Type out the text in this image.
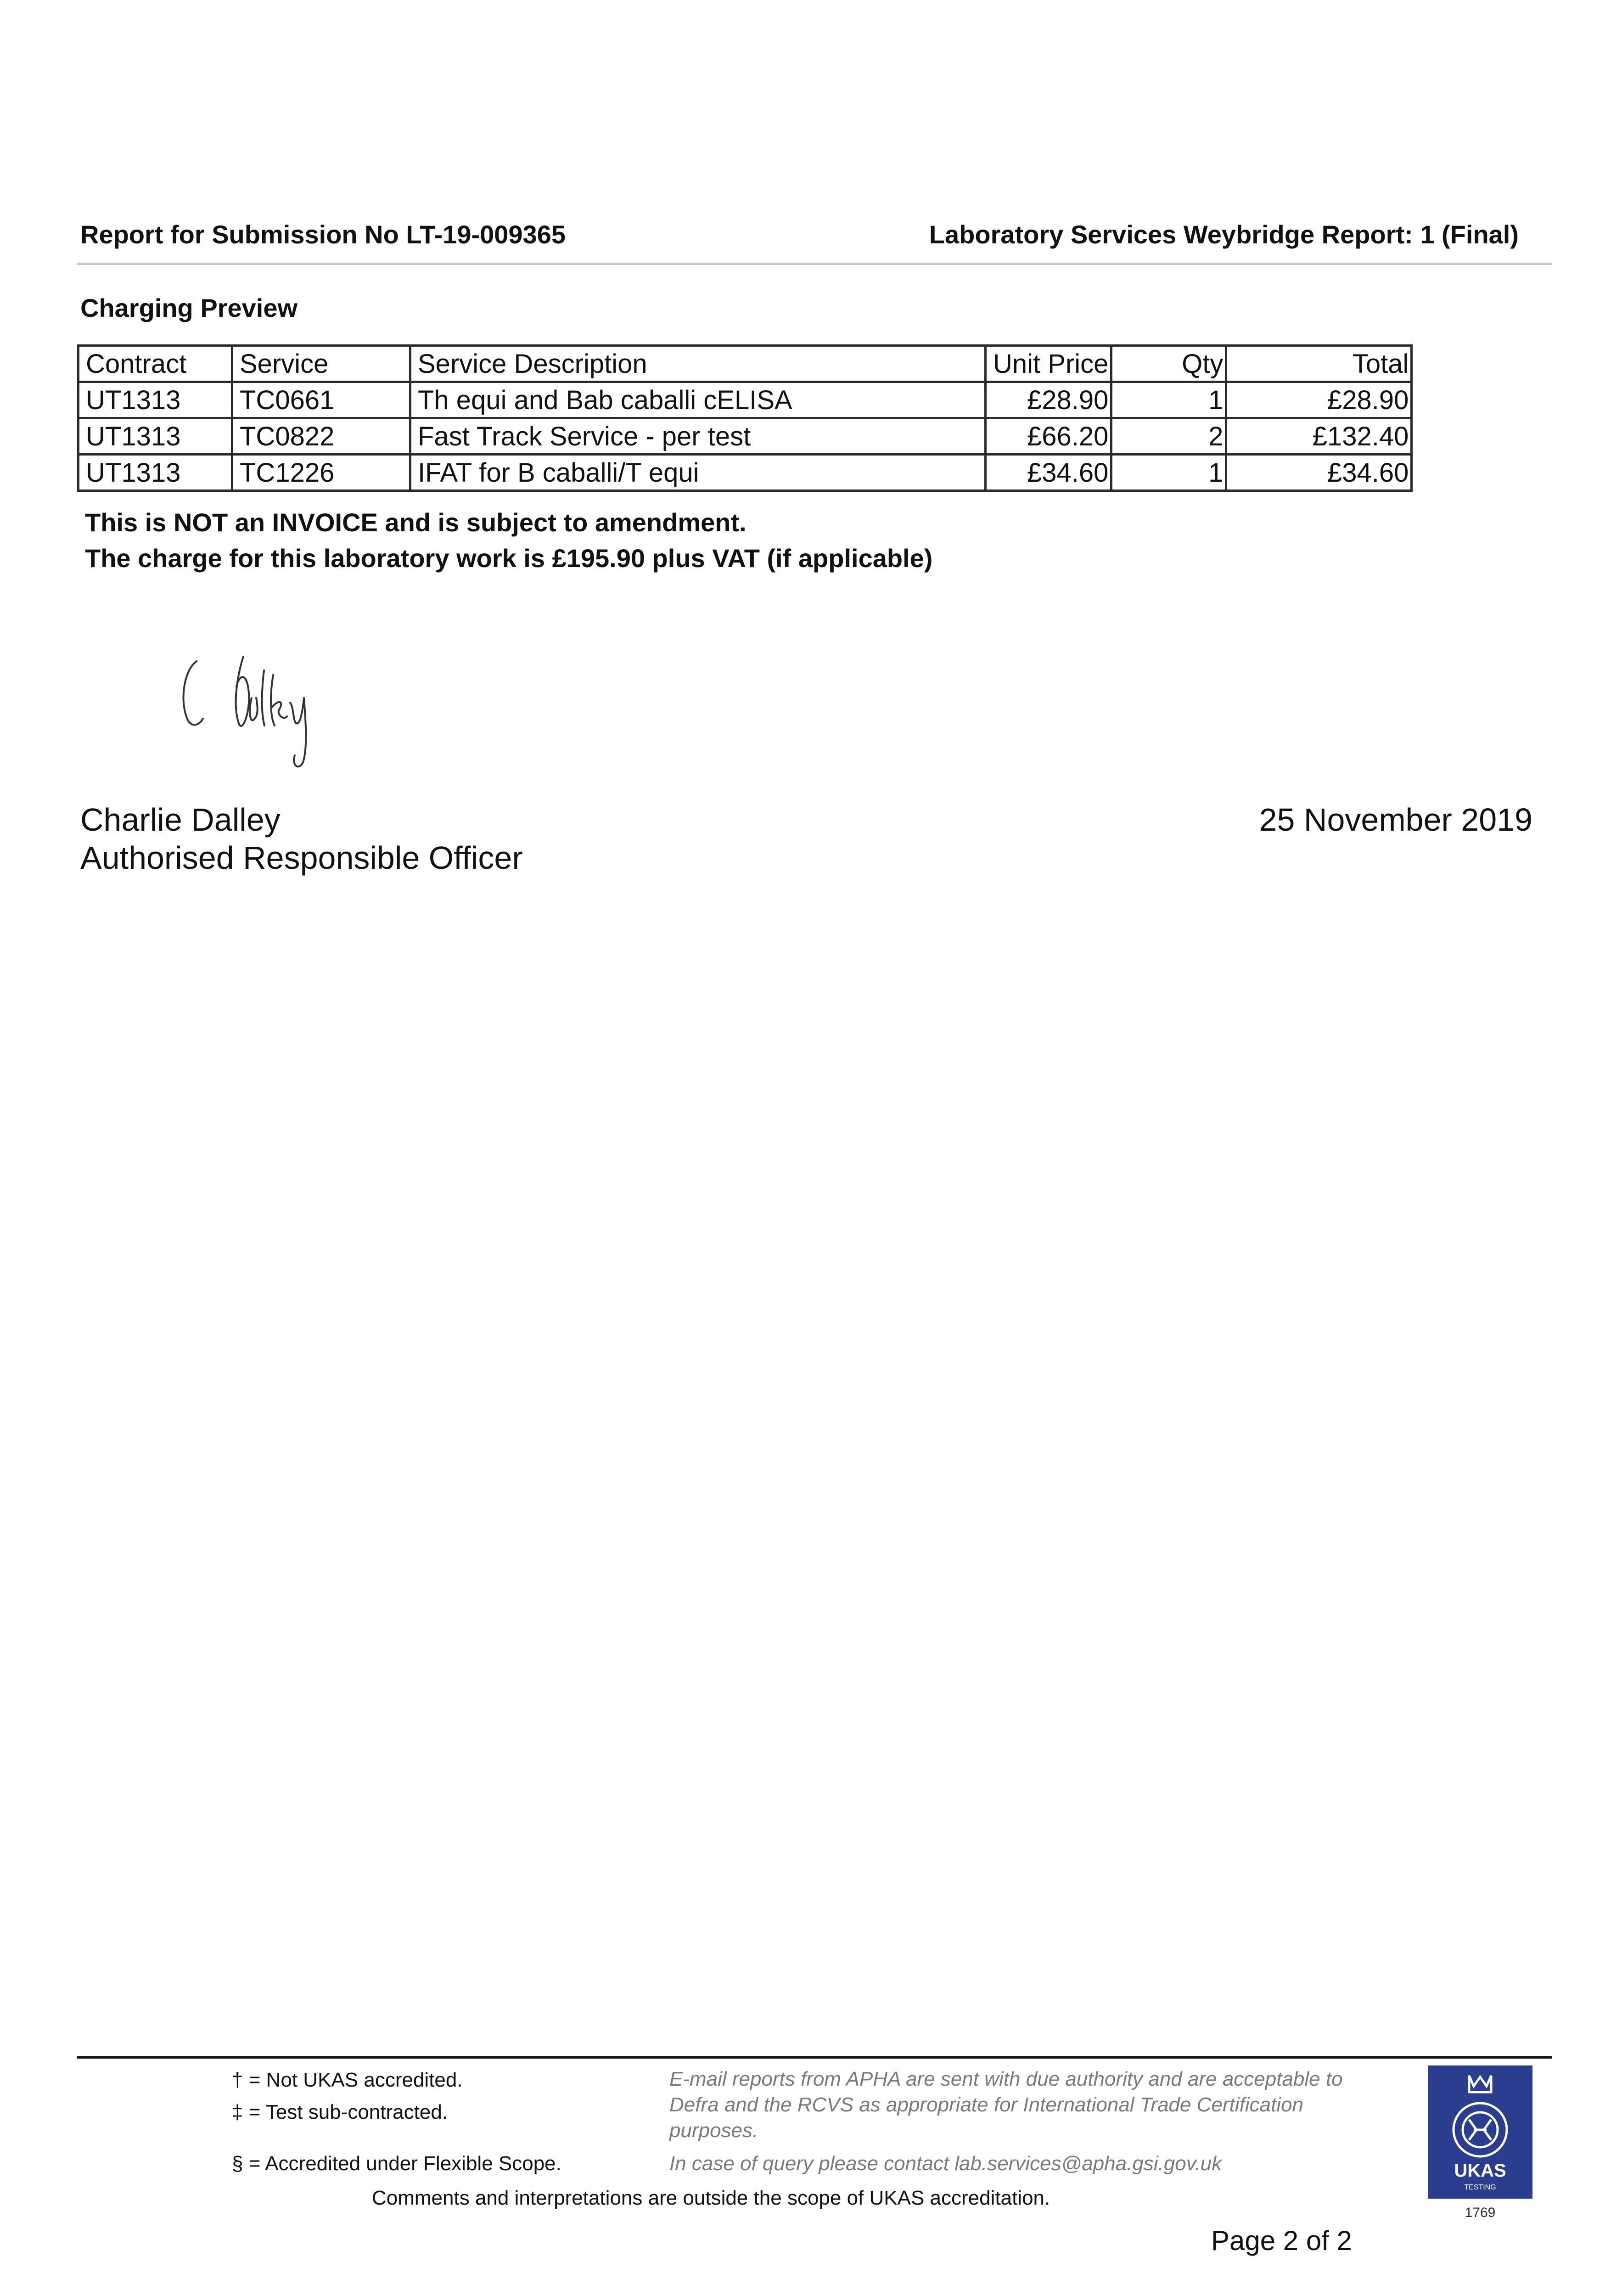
Report for Submission No LT-19-009365	Laboratory Services Weybridge Report: 1 (Final)
Charging Preview
Contract	Service	Service Description	Unit Price	Qty	Total
UT1313	TC0661	Th equi and Bab caballi cELISA	£28.90	1	£28.90
UT1313	TC0822	Fast Track Service - per test	£66.20	2	£132.40
UT1313	TC1226	IFAT for B caballi/T equi	£34.60	1	£34.60
This is NOT an INVOICE and is subject to amendment.
The charge for this laboratory work is £195.90 plus VAT (if applicable)
Charlie Dalley
Authorised Responsible Officer
25 November 2019
† = Not UKAS accredited.
‡ = Test sub-contracted.
§ = Accredited under Flexible Scope.
E-mail reports from APHA are sent with due authority and are acceptable to Defra and the RCVS as appropriate for International Trade Certification purposes.
In case of query please contact lab.services@apha.gsi.gov.uk
Comments and interpretations are outside the scope of UKAS accreditation.
UKAS
TESTING
1769
Page 2 of 2
